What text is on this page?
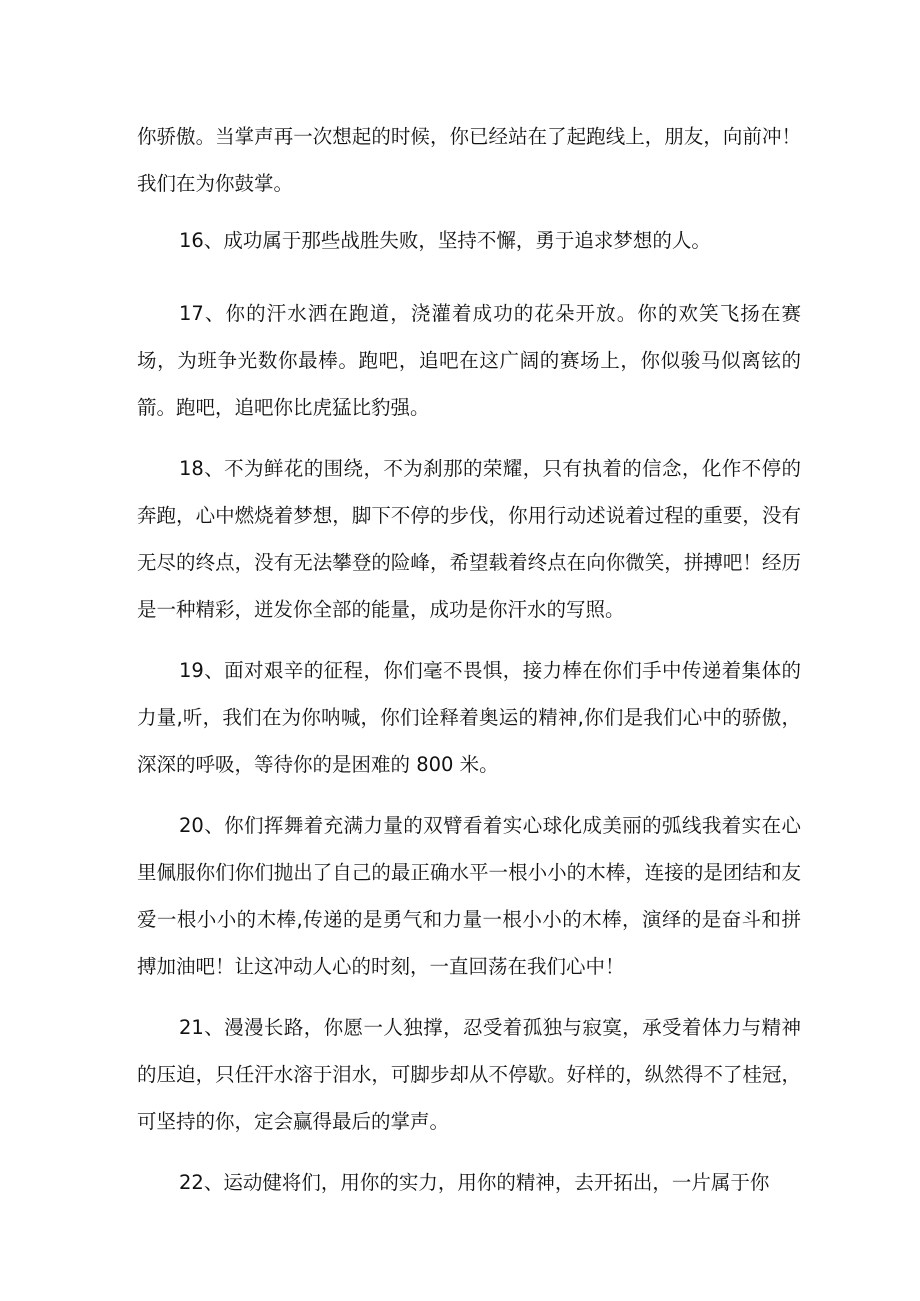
你骄傲。当掌声再一次想起的时候，你已经站在了起跑线上，朋友，向前冲！我们在为你鼓掌。

16、成功属于那些战胜失败，坚持不懈，勇于追求梦想的人。

17、你的汗水洒在跑道，浇灌着成功的花朵开放。你的欢笑飞扬在赛场，为班争光数你最棒。跑吧，追吧在这广阔的赛场上，你似骏马似离铉的箭。跑吧，追吧你比虎猛比豹强。

18、不为鲜花的围绕，不为刹那的荣耀，只有执着的信念，化作不停的奔跑，心中燃烧着梦想，脚下不停的步伐，你用行动述说着过程的重要，没有无尽的终点，没有无法攀登的险峰，希望载着终点在向你微笑，拼搏吧！经历是一种精彩，迸发你全部的能量，成功是你汗水的写照。

19、面对艰辛的征程，你们毫不畏惧，接力棒在你们手中传递着集体的力量,听，我们在为你呐喊，你们诠释着奥运的精神,你们是我们心中的骄傲，深深的呼吸，等待你的是困难的 800 米。

20、你们挥舞着充满力量的双臂看着实心球化成美丽的弧线我着实在心里佩服你们你们抛出了自己的最正确水平一根小小的木棒，连接的是团结和友爱一根小小的木棒,传递的是勇气和力量一根小小的木棒，演绎的是奋斗和拼搏加油吧！让这冲动人心的时刻，一直回荡在我们心中！

21、漫漫长路，你愿一人独撑，忍受着孤独与寂寞，承受着体力与精神的压迫，只任汗水溶于泪水，可脚步却从不停歇。好样的，纵然得不了桂冠，可坚持的你，定会赢得最后的掌声。

22、运动健将们，用你的实力，用你的精神，去开拓出，一片属于你
